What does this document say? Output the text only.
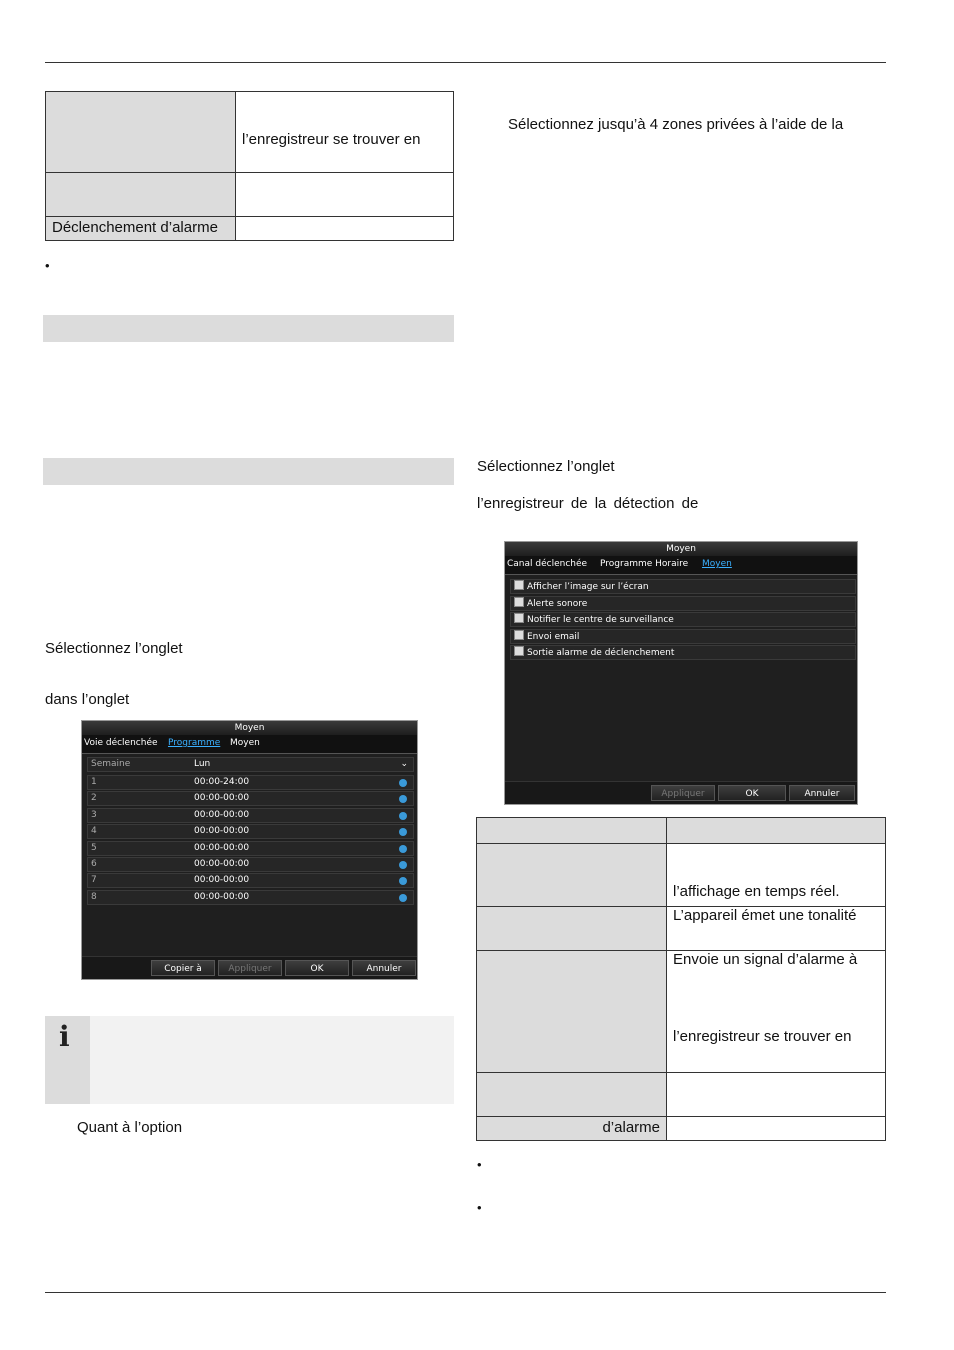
	l’enregistreur se trouver en

Déclenchement d’alarme	
•
Sélectionnez l’onglet
dans l’onglet
Moyen
Voie déclenchée Programme Moyen
Semaine	Lun	⌄
1	00:00-24:00
2	00:00-00:00
3	00:00-00:00
4	00:00-00:00
5	00:00-00:00
6	00:00-00:00
7	00:00-00:00
8	00:00-00:00
Copier à	Appliquer	OK	Annuler
i
Quant à l’option
Sélectionnez jusqu’à 4 zones privées à l’aide de la
Sélectionnez l’onglet
l’enregistreur de la détection de
Moyen
Canal déclenchée Programme Horaire Moyen
Afficher l’image sur l’écran
Alerte sonore
Notifier le centre de surveillance
Envoi email
Sortie alarme de déclenchement
Appliquer	OK	Annuler

	l’affichage en temps réel.

	L’appareil émet une tonalité

	Envoie un signal d’alarme à
l’enregistreur se trouver en

d’alarme	
•
•
